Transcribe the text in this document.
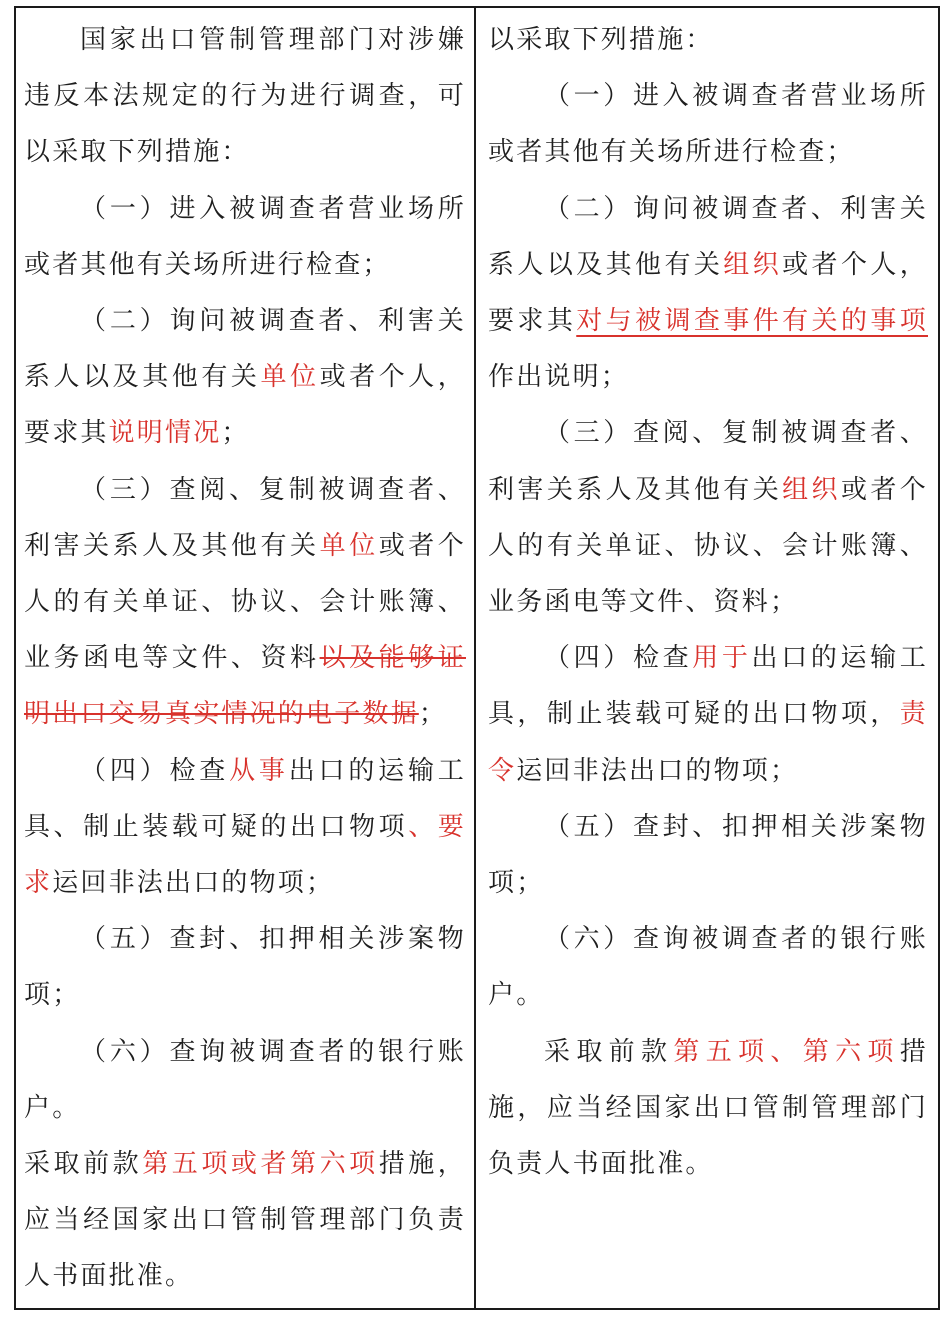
国家出口管制管理部门对涉嫌违反本法规定的行为进行调查，可以采取下列措施：

（一）进入被调查者营业场所或者其他有关场所进行检查；

（二）询问被调查者、利害关系人以及其他有关单位或者个人，要求其说明情况；

（三）查阅、复制被调查者、利害关系人及其他有关单位或者个人的有关单证、协议、会计账簿、业务函电等文件、资料以及能够证明出口交易真实情况的电子数据；

（四）检查从事出口的运输工具、制止装载可疑的出口物项、要求运回非法出口的物项；

（五）查封、扣押相关涉案物项；

（六）查询被调查者的银行账户。

采取前款第五项或者第六项措施，应当经国家出口管制管理部门负责人书面批准。

以采取下列措施：

（一）进入被调查者营业场所或者其他有关场所进行检查；

（二）询问被调查者、利害关系人以及其他有关组织或者个人，要求其对与被调查事件有关的事项作出说明；

（三）查阅、复制被调查者、利害关系人及其他有关组织或者个人的有关单证、协议、会计账簿、业务函电等文件、资料；

（四）检查用于出口的运输工具，制止装载可疑的出口物项，责令运回非法出口的物项；

（五）查封、扣押相关涉案物项；

（六）查询被调查者的银行账户。

采取前款第五项、第六项措施，应当经国家出口管制管理部门负责人书面批准。
